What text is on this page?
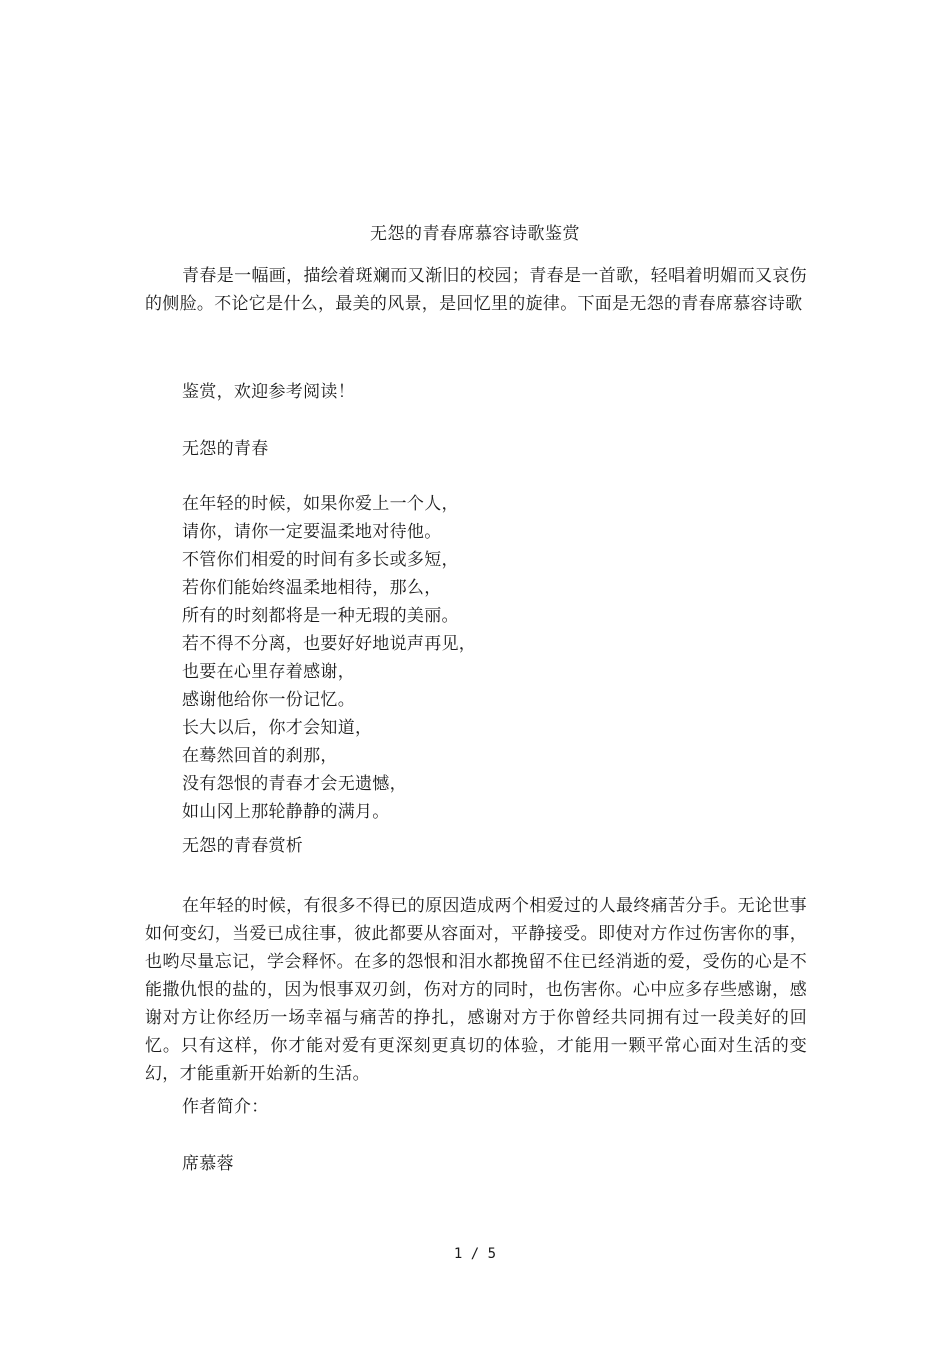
无怨的青春席慕容诗歌鉴赏

青春是一幅画，描绘着斑斓而又渐旧的校园；青春是一首歌，轻唱着明媚而又哀伤的侧脸。不论它是什么，最美的风景，是回忆里的旋律。下面是无怨的青春席慕容诗歌

鉴赏，欢迎参考阅读！
无怨的青春
在年轻的时候，如果你爱上一个人，
请你，请你一定要温柔地对待他。
不管你们相爱的时间有多长或多短，
若你们能始终温柔地相待，那么，
所有的时刻都将是一种无瑕的美丽。
若不得不分离，也要好好地说声再见，
也要在心里存着感谢，
感谢他给你一份记忆。
长大以后，你才会知道，
在蓦然回首的刹那，
没有怨恨的青春才会无遗憾，
如山冈上那轮静静的满月。
无怨的青春赏析

在年轻的时候，有很多不得已的原因造成两个相爱过的人最终痛苦分手。无论世事如何变幻，当爱已成往事，彼此都要从容面对，平静接受。即使对方作过伤害你的事，也哟尽量忘记，学会释怀。在多的怨恨和泪水都挽留不住已经消逝的爱，受伤的心是不能撒仇恨的盐的，因为恨事双刃剑，伤对方的同时，也伤害你。心中应多存些感谢，感谢对方让你经历一场幸福与痛苦的挣扎，感谢对方于你曾经共同拥有过一段美好的回忆。只有这样，你才能对爱有更深刻更真切的体验，才能用一颗平常心面对生活的变幻，才能重新开始新的生活。

作者简介：
席慕蓉
1 / 5
